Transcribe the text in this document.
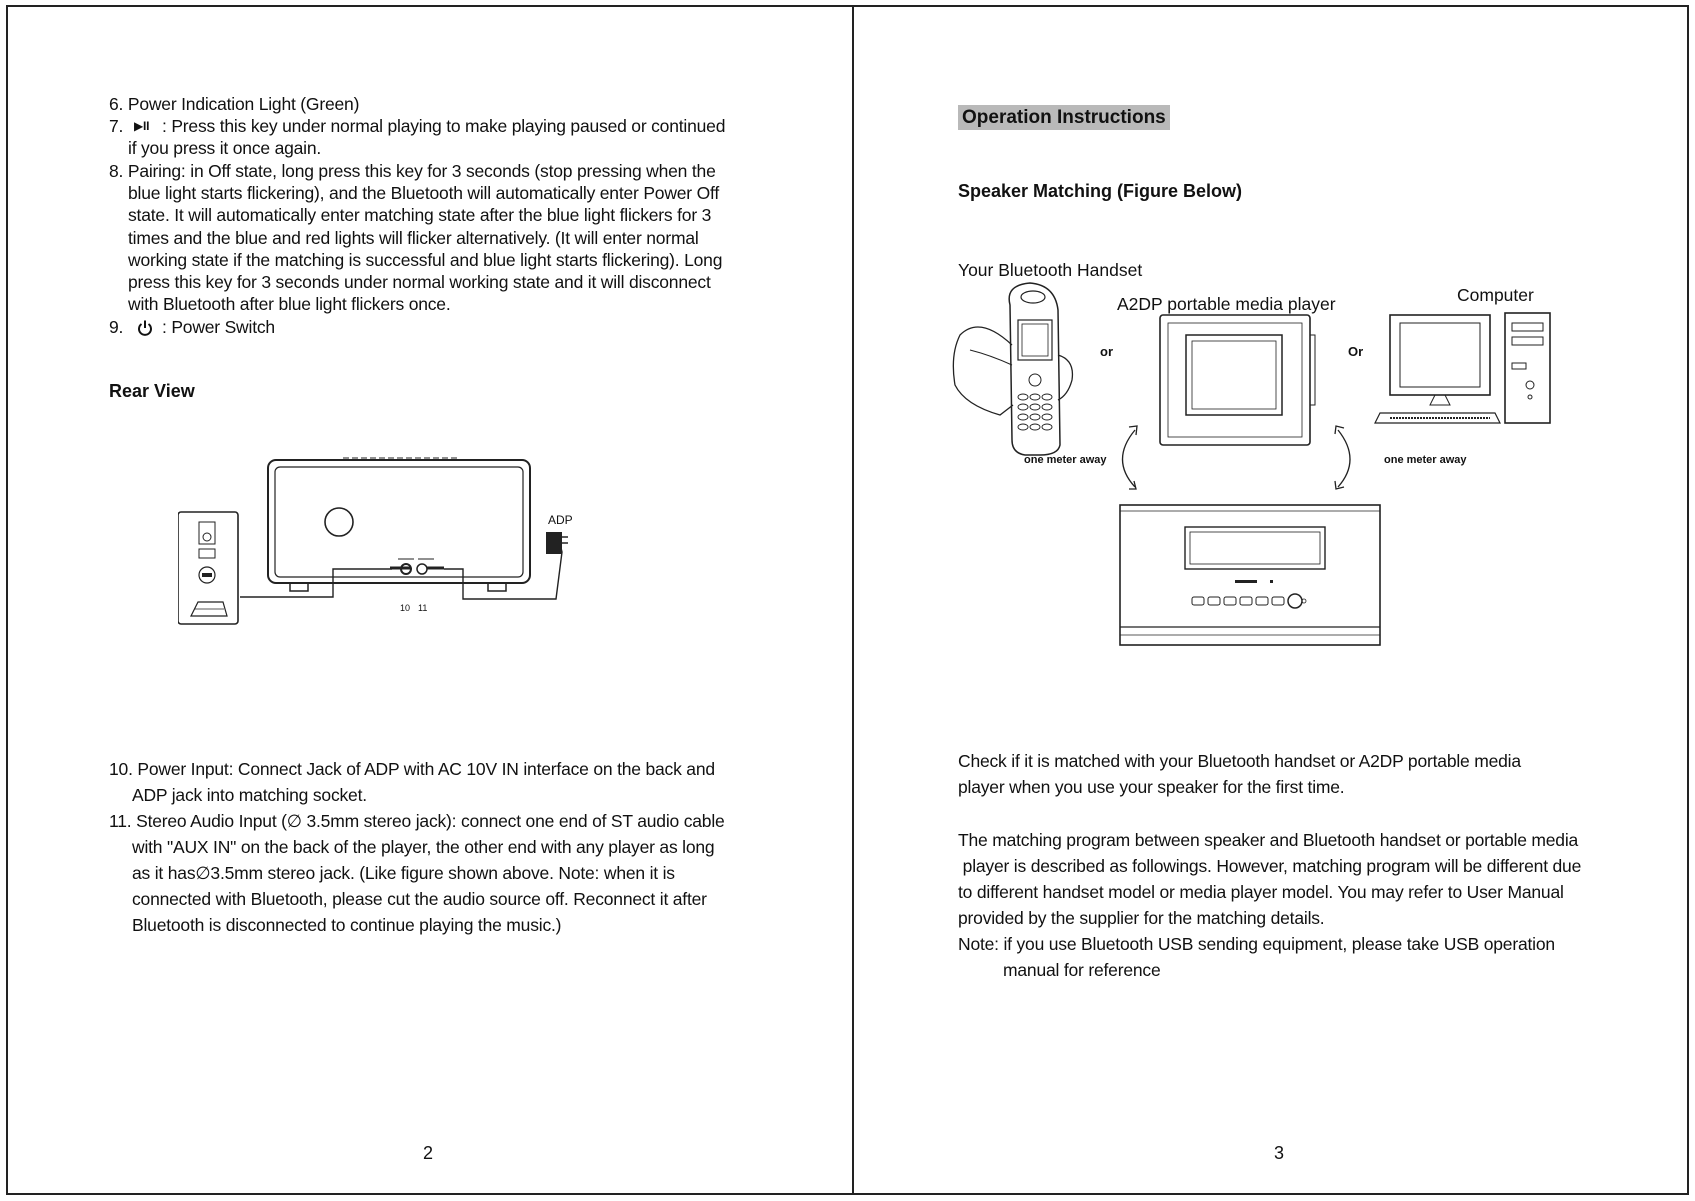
6. Power Indication Light (Green)
7. ▶II : Press this key under normal playing to make playing paused or continued
if you press it once again.
8. Pairing: in Off state, long press this key for 3 seconds (stop pressing when the
blue light starts flickering), and the Bluetooth will automatically enter Power Off
state. It will automatically enter matching state after the blue light flickers for 3
times and the blue and red lights will flicker alternatively. (It will enter normal
working state if the matching is successful and blue light starts flickering). Long
press this key for 3 seconds under normal working state and it will disconnect
with Bluetooth after blue light flickers once.
9. : Power Switch
Rear View
10 11
ADP
10. Power Input: Connect Jack of ADP with AC 10V IN interface on the back and
ADP jack into matching socket.
11. Stereo Audio Input (∅ 3.5mm stereo jack): connect one end of ST audio cable
with "AUX IN" on the back of the player, the other end with any player as long
as it has∅3.5mm stereo jack. (Like figure shown above. Note: when it is
connected with Bluetooth, please cut the audio source off. Reconnect it after
Bluetooth is disconnected to continue playing the music.)
2
Operation Instructions
Speaker Matching (Figure Below)
Your Bluetooth Handset
A2DP portable media player	Computer
or	Or
one meter away	one meter away
Check if it is matched with your Bluetooth handset or A2DP portable media
player when you use your speaker for the first time.
The matching program between speaker and Bluetooth handset or portable media
player is described as followings. However, matching program will be different due
to different handset model or media player model. You may refer to User Manual
provided by the supplier for the matching details.
Note: if you use Bluetooth USB sending equipment, please take USB operation
manual for reference
3
